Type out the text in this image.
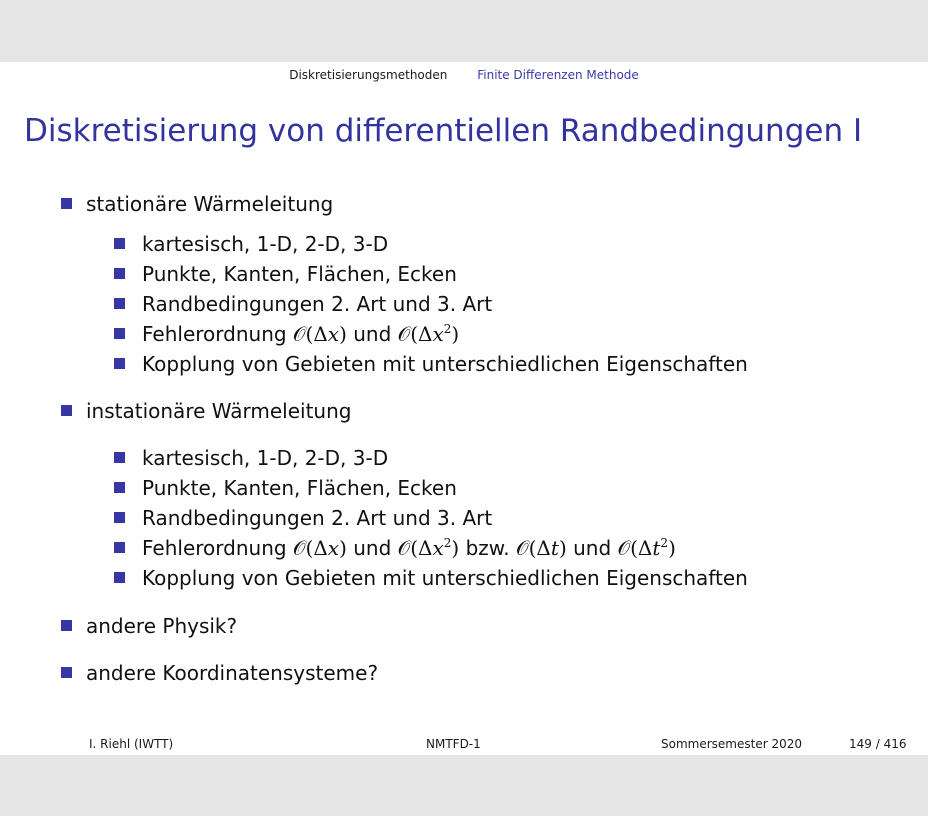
Diskretisierungsmethoden Finite Differenzen Methode
Diskretisierung von differentiellen Randbedingungen I
stationäre Wärmeleitung
kartesisch, 1-D, 2-D, 3-D
Punkte, Kanten, Flächen, Ecken
Randbedingungen 2. Art und 3. Art
Fehlerordnung 𝒪(Δx) und $𝒪(\Delta x^2)$
Kopplung von Gebieten mit unterschiedlichen Eigenschaften
instationäre Wärmeleitung
kartesisch, 1-D, 2-D, 3-D
Punkte, Kanten, Flächen, Ecken
Randbedingungen 2. Art und 3. Art
Fehlerordnung 𝒪(Δx) und $𝒪(\Delta x^2)$ bzw. 𝒪(Δt) und $𝒪(\Delta t^2)$
Kopplung von Gebieten mit unterschiedlichen Eigenschaften
andere Physik?
andere Koordinatensysteme?
I. Riehl (IWTT)	NMTFD-1	Sommersemester 2020	149 / 416
